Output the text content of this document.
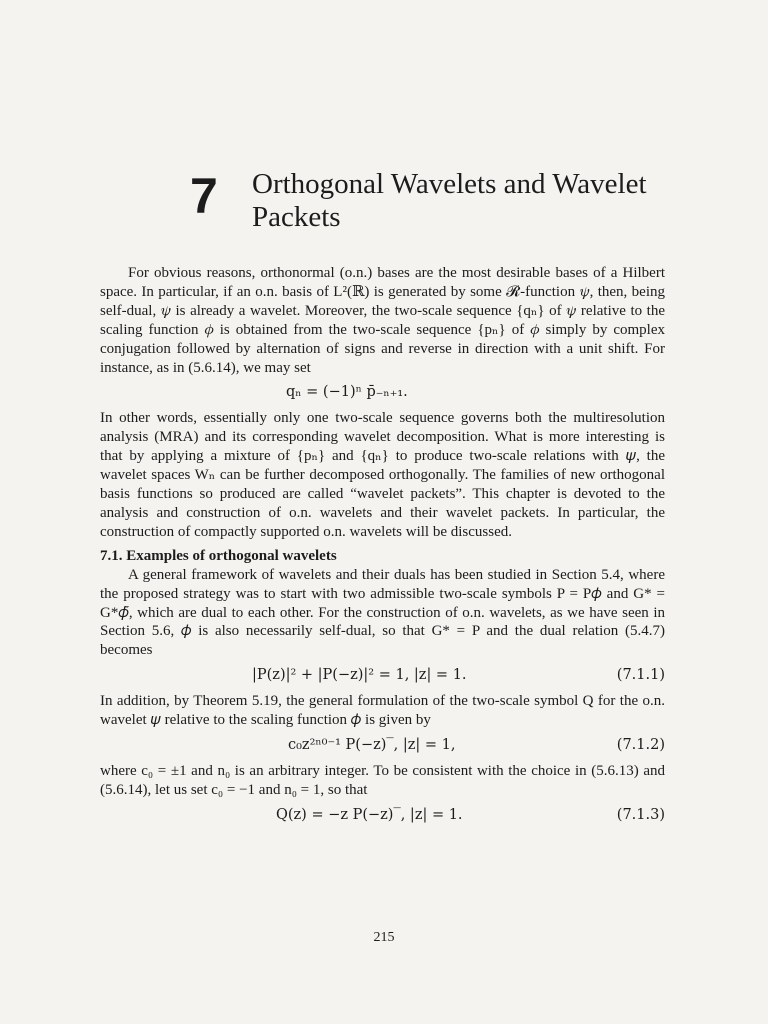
7 Orthogonal Wavelets and Wavelet Packets

For obvious reasons, orthonormal (o.n.) bases are the most desirable bases of a Hilbert space. In particular, if an o.n. basis of L²(ℝ) is generated by some 𝓡-function 𝜓, then, being self-dual, 𝜓 is already a wavelet. Moreover, the two-scale sequence {qₙ} of 𝜓 relative to the scaling function 𝜙 is obtained from the two-scale sequence {pₙ} of 𝜙 simply by complex conjugation followed by alternation of signs and reverse in direction with a unit shift. For instance, as in (5.6.14), we may set

qₙ = (−1)ⁿ p̄₋ₙ₊₁.

In other words, essentially only one two-scale sequence governs both the multiresolution analysis (MRA) and its corresponding wavelet decomposition. What is more interesting is that by applying a mixture of {pₙ} and {qₙ} to produce two-scale relations with 𝜓, the wavelet spaces Wₙ can be further decomposed orthogonally. The families of new orthogonal basis functions so produced are called “wavelet packets”. This chapter is devoted to the analysis and construction of o.n. wavelets and their wavelet packets. In particular, the construction of compactly supported o.n. wavelets will be discussed.

7.1. Examples of orthogonal wavelets

A general framework of wavelets and their duals has been studied in Section 5.4, where the proposed strategy was to start with two admissible two-scale symbols P = P𝜙 and G* = G*𝜙̃, which are dual to each other. For the construction of o.n. wavelets, as we have seen in Section 5.6, 𝜙 is also necessarily self-dual, so that G* = P and the dual relation (5.4.7) becomes

|P(z)|² + |P(−z)|² = 1, |z| = 1.	(7.1.1)

In addition, by Theorem 5.19, the general formulation of the two-scale symbol Q for the o.n. wavelet 𝜓 relative to the scaling function 𝜙 is given by

c₀z²ⁿ⁰⁻¹ P(−z)‾, |z| = 1,	(7.1.2)

where c₀ = ±1 and n₀ is an arbitrary integer. To be consistent with the choice in (5.6.13) and (5.6.14), let us set c₀ = −1 and n₀ = 1, so that

Q(z) = −z P(−z)‾, |z| = 1.	(7.1.3)
215
